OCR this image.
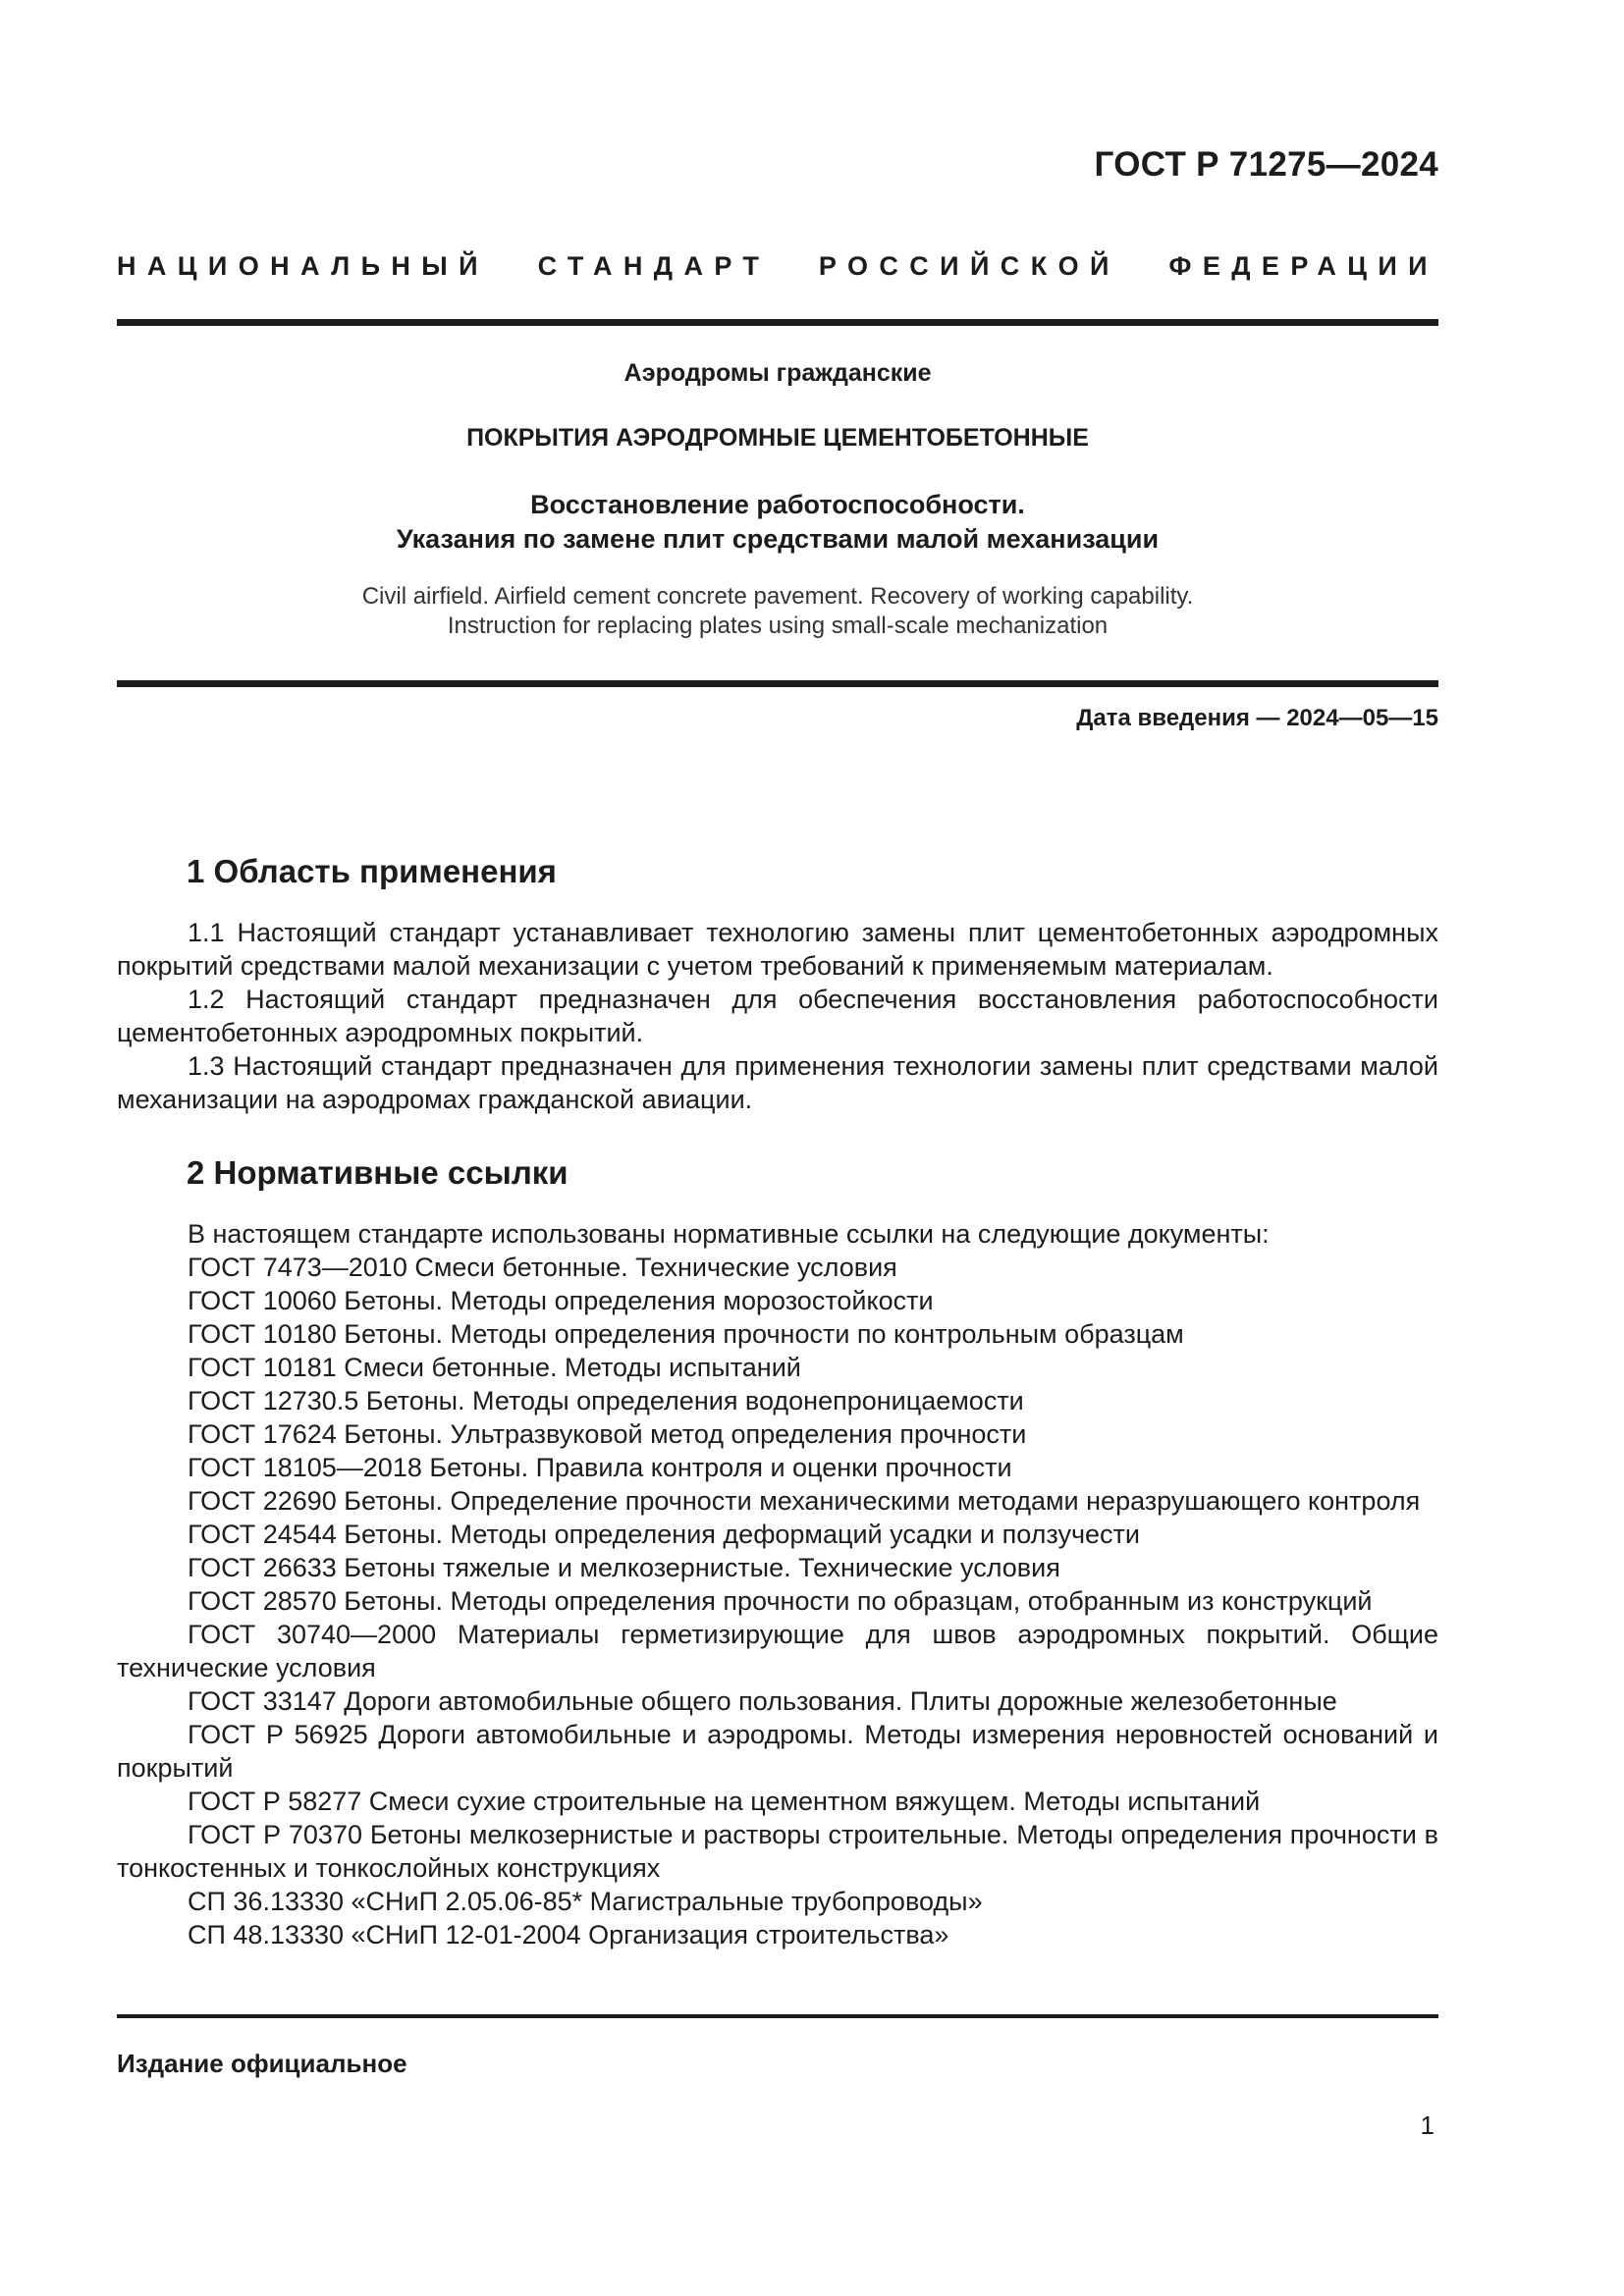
ГОСТ Р 71275—2024
НАЦИОНАЛЬНЫЙ СТАНДАРТ РОССИЙСКОЙ ФЕДЕРАЦИИ
Аэродромы гражданские
ПОКРЫТИЯ АЭРОДРОМНЫЕ ЦЕМЕНТОБЕТОННЫЕ
Восстановление работоспособности.
Указания по замене плит средствами малой механизации
Civil airfield. Airfield cement concrete pavement. Recovery of working capability.
Instruction for replacing plates using small-scale mechanization
Дата введения — 2024—05—15
1 Область применения

1.1 Настоящий стандарт устанавливает технологию замены плит цементобетонных аэродромных покрытий средствами малой механизации с учетом требований к применяемым материалам.

1.2 Настоящий стандарт предназначен для обеспечения восстановления работоспособности цементобетонных аэродромных покрытий.

1.3 Настоящий стандарт предназначен для применения технологии замены плит средствами малой механизации на аэродромах гражданской авиации.

2 Нормативные ссылки

В настоящем стандарте использованы нормативные ссылки на следующие документы:

ГОСТ 7473—2010 Смеси бетонные. Технические условия

ГОСТ 10060 Бетоны. Методы определения морозостойкости

ГОСТ 10180 Бетоны. Методы определения прочности по контрольным образцам

ГОСТ 10181 Смеси бетонные. Методы испытаний

ГОСТ 12730.5 Бетоны. Методы определения водонепроницаемости

ГОСТ 17624 Бетоны. Ультразвуковой метод определения прочности

ГОСТ 18105—2018 Бетоны. Правила контроля и оценки прочности

ГОСТ 22690 Бетоны. Определение прочности механическими методами неразрушающего контроля

ГОСТ 24544 Бетоны. Методы определения деформаций усадки и ползучести

ГОСТ 26633 Бетоны тяжелые и мелкозернистые. Технические условия

ГОСТ 28570 Бетоны. Методы определения прочности по образцам, отобранным из конструкций

ГОСТ 30740—2000 Материалы герметизирующие для швов аэродромных покрытий. Общие технические условия

ГОСТ 33147 Дороги автомобильные общего пользования. Плиты дорожные железобетонные

ГОСТ Р 56925 Дороги автомобильные и аэродромы. Методы измерения неровностей оснований и покрытий

ГОСТ Р 58277 Смеси сухие строительные на цементном вяжущем. Методы испытаний

ГОСТ Р 70370 Бетоны мелкозернистые и растворы строительные. Методы определения прочности в тонкостенных и тонкослойных конструкциях

СП 36.13330 «СНиП 2.05.06-85* Магистральные трубопроводы»

СП 48.13330 «СНиП 12-01-2004 Организация строительства»

Издание официальное
1
